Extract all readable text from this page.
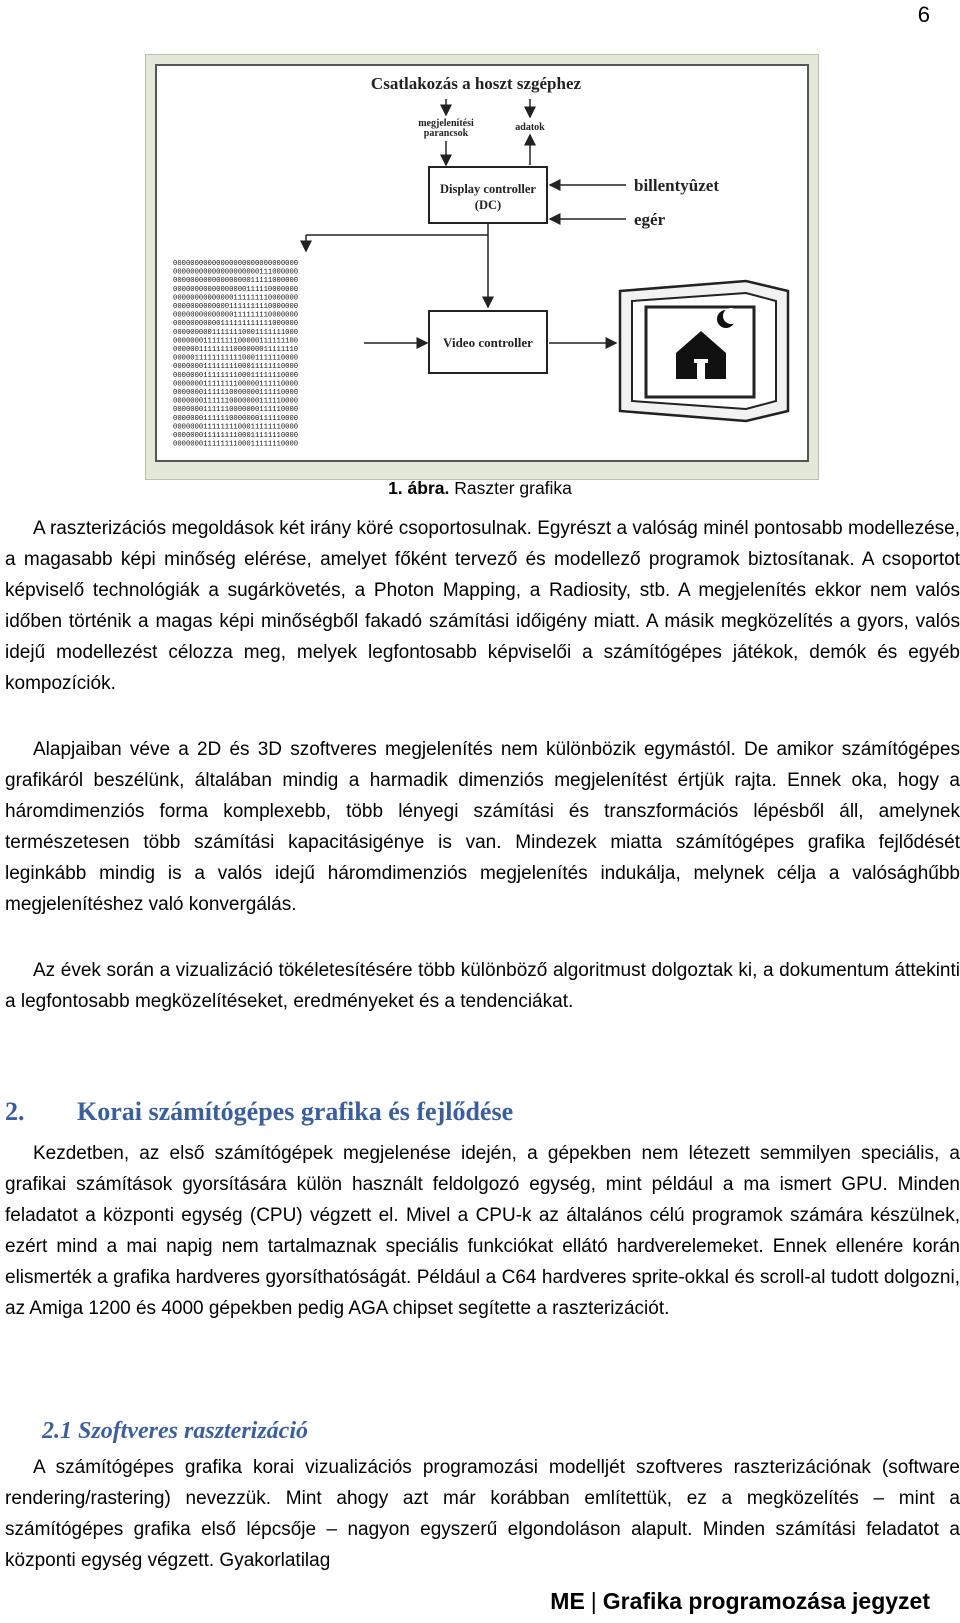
6
Csatlakozás a hoszt szgéphez
megjelenítési
parancsok
adatok
Display controller
(DC)
billentyûzet
egér
00000000000000000000000000000
00000000000000000000111000000
00000000000000000011111000000
00000000000000000111110000000
00000000000000111111110000000
00000000000001111111110000000
00000000000000111111110000000
00000000000111111111111000000
00000000011111110001111111000
00000001111111100000111111100
00000011111111000000011111110
00000111111111110001111110000
00000001111111100011111110000
00000001111111100011111110000
00000001111111100000111110000
00000001111110000000111110000
00000001111110000000111110000
00000001111110000000111110000
00000001111110000000111110000
00000001111111100011111110000
00000001111111100011111110000
00000001111111100011111110000
Video controller
1. ábra. Raszter grafika

A raszterizációs megoldások két irány köré csoportosulnak. Egyrészt a valóság minél pontosabb modellezése, a magasabb képi minőség elérése, amelyet főként tervező és modellező programok biztosítanak. A csoportot képviselő technológiák a sugárkövetés, a Photon Mapping, a Radiosity, stb. A megjelenítés ekkor nem valós időben történik a magas képi minőségből fakadó számítási időigény miatt. A másik megközelítés a gyors, valós idejű modellezést célozza meg, melyek legfontosabb képviselői a számítógépes játékok, demók és egyéb kompozíciók.

Alapjaiban véve a 2D és 3D szoftveres megjelenítés nem különbözik egymástól. De amikor számítógépes grafikáról beszélünk, általában mindig a harmadik dimenziós megjelenítést értjük rajta. Ennek oka, hogy a háromdimenziós forma komplexebb, több lényegi számítási és transzformációs lépésből áll, amelynek természetesen több számítási kapacitásigénye is van. Mindezek miatta számítógépes grafika fejlődését leginkább mindig is a valós idejű háromdimenziós megjelenítés indukálja, melynek célja a valósághűbb megjelenítéshez való konvergálás.

Az évek során a vizualizáció tökéletesítésére több különböző algoritmust dolgoztak ki, a dokumentum áttekinti a legfontosabb megközelítéseket, eredményeket és a tendenciákat.

2. Korai számítógépes grafika és fejlődése

Kezdetben, az első számítógépek megjelenése idején, a gépekben nem létezett semmilyen speciális, a grafikai számítások gyorsítására külön használt feldolgozó egység, mint például a ma ismert GPU. Minden feladatot a központi egység (CPU) végzett el. Mivel a CPU-k az általános célú programok számára készülnek, ezért mind a mai napig nem tartalmaznak speciális funkciókat ellátó hardverelemeket. Ennek ellenére korán elismerték a grafika hardveres gyorsíthatóságát. Például a C64 hardveres sprite-okkal és scroll-al tudott dolgozni, az Amiga 1200 és 4000 gépekben pedig AGA chipset segítette a raszterizációt.

2.1 Szoftveres raszterizáció

A számítógépes grafika korai vizualizációs programozási modelljét szoftveres raszterizációnak (software rendering/rastering) nevezzük. Mint ahogy azt már korábban említettük, ez a megközelítés – mint a számítógépes grafika első lépcsője – nagyon egyszerű elgondoláson alapult. Minden számítási feladatot a központi egység végzett. Gyakorlatilag

ME | Grafika programozása jegyzet
